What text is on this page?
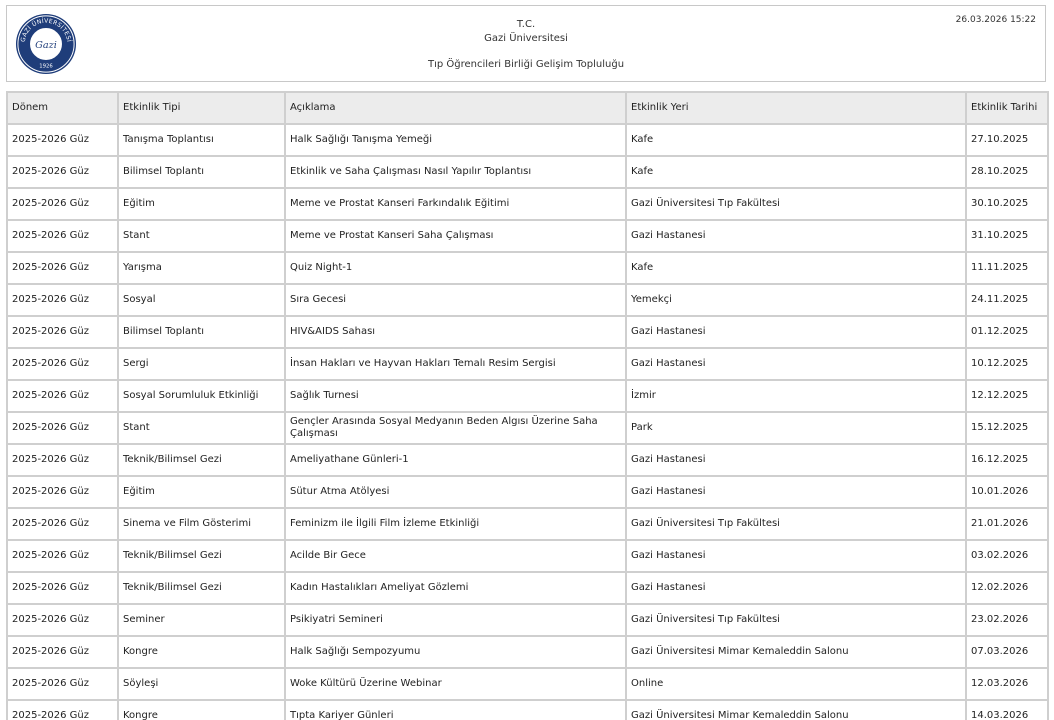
GAZİ ÜNİVERSİTESİ
Gazi
1926
T.C.
Gazi Üniversitesi
Tıp Öğrencileri Birliği Gelişim Topluluğu
26.03.2026 15:22
Dönem	Etkinlik Tipi	Açıklama	Etkinlik Yeri	Etkinlik Tarihi
2025-2026 Güz	Tanışma Toplantısı	Halk Sağlığı Tanışma Yemeği	Kafe	27.10.2025
2025-2026 Güz	Bilimsel Toplantı	Etkinlik ve Saha Çalışması Nasıl Yapılır Toplantısı	Kafe	28.10.2025
2025-2026 Güz	Eğitim	Meme ve Prostat Kanseri Farkındalık Eğitimi	Gazi Üniversitesi Tıp Fakültesi	30.10.2025
2025-2026 Güz	Stant	Meme ve Prostat Kanseri Saha Çalışması	Gazi Hastanesi	31.10.2025
2025-2026 Güz	Yarışma	Quiz Night-1	Kafe	11.11.2025
2025-2026 Güz	Sosyal	Sıra Gecesi	Yemekçi	24.11.2025
2025-2026 Güz	Bilimsel Toplantı	HIV&AIDS Sahası	Gazi Hastanesi	01.12.2025
2025-2026 Güz	Sergi	İnsan Hakları ve Hayvan Hakları Temalı Resim Sergisi	Gazi Hastanesi	10.12.2025
2025-2026 Güz	Sosyal Sorumluluk Etkinliği	Sağlık Turnesi	İzmir	12.12.2025
2025-2026 Güz	Stant	Gençler Arasında Sosyal Medyanın Beden Algısı Üzerine Saha Çalışması	Park	15.12.2025
2025-2026 Güz	Teknik/Bilimsel Gezi	Ameliyathane Günleri-1	Gazi Hastanesi	16.12.2025
2025-2026 Güz	Eğitim	Sütur Atma Atölyesi	Gazi Hastanesi	10.01.2026
2025-2026 Güz	Sinema ve Film Gösterimi	Feminizm ile İlgili Film İzleme Etkinliği	Gazi Üniversitesi Tıp Fakültesi	21.01.2026
2025-2026 Güz	Teknik/Bilimsel Gezi	Acilde Bir Gece	Gazi Hastanesi	03.02.2026
2025-2026 Güz	Teknik/Bilimsel Gezi	Kadın Hastalıkları Ameliyat Gözlemi	Gazi Hastanesi	12.02.2026
2025-2026 Güz	Seminer	Psikiyatri Semineri	Gazi Üniversitesi Tıp Fakültesi	23.02.2026
2025-2026 Güz	Kongre	Halk Sağlığı Sempozyumu	Gazi Üniversitesi Mimar Kemaleddin Salonu	07.03.2026
2025-2026 Güz	Söyleşi	Woke Kültürü Üzerine Webinar	Online	12.03.2026
2025-2026 Güz	Kongre	Tıpta Kariyer Günleri	Gazi Üniversitesi Mimar Kemaleddin Salonu	14.03.2026
